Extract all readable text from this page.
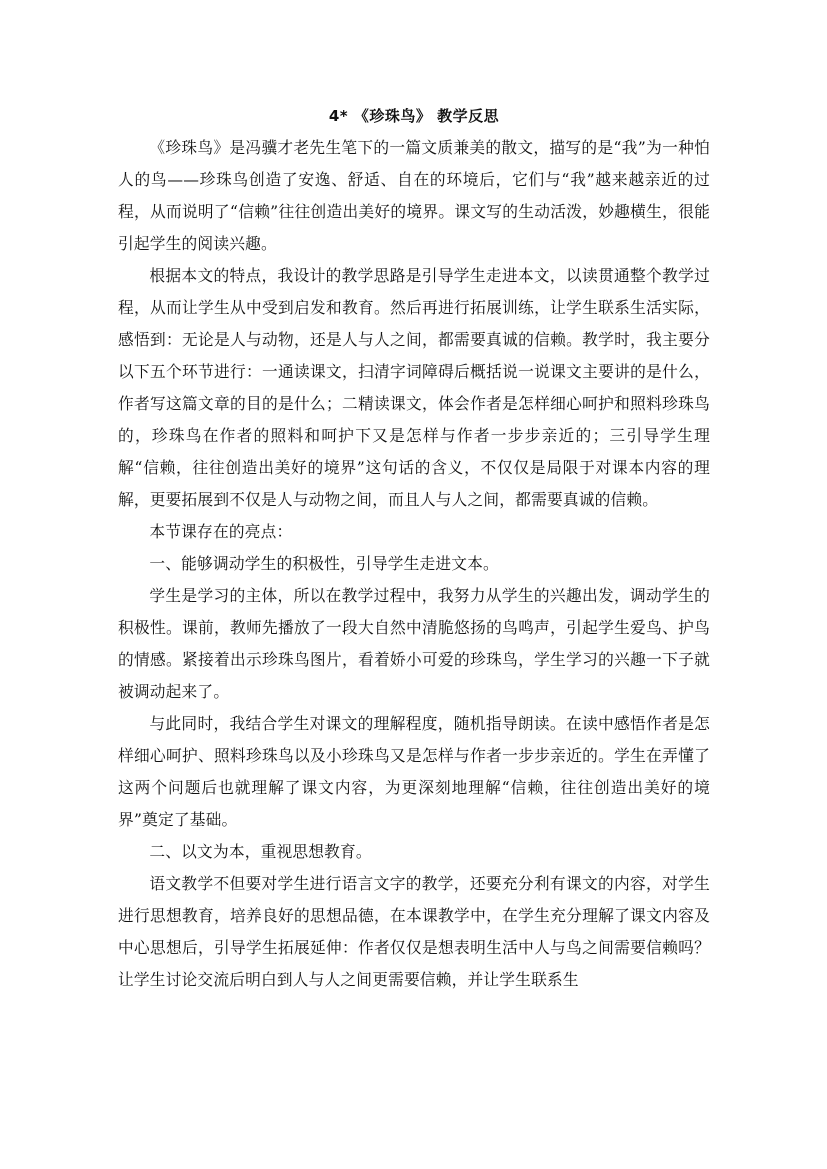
4* 《珍珠鸟》 教学反思

《珍珠鸟》是冯骥才老先生笔下的一篇文质兼美的散文，描写的是“我”为一种怕人的鸟——珍珠鸟创造了安逸、舒适、自在的环境后，它们与“我”越来越亲近的过程，从而说明了“信赖”往往创造出美好的境界。课文写的生动活泼，妙趣横生，很能引起学生的阅读兴趣。

根据本文的特点，我设计的教学思路是引导学生走进本文，以读贯通整个教学过程，从而让学生从中受到启发和教育。然后再进行拓展训练，让学生联系生活实际，感悟到：无论是人与动物，还是人与人之间，都需要真诚的信赖。教学时，我主要分以下五个环节进行：一通读课文，扫清字词障碍后概括说一说课文主要讲的是什么，作者写这篇文章的目的是什么；二精读课文，体会作者是怎样细心呵护和照料珍珠鸟的，珍珠鸟在作者的照料和呵护下又是怎样与作者一步步亲近的；三引导学生理解“信赖，往往创造出美好的境界”这句话的含义，不仅仅是局限于对课本内容的理解，更要拓展到不仅是人与动物之间，而且人与人之间，都需要真诚的信赖。

本节课存在的亮点：

一、能够调动学生的积极性，引导学生走进文本。

学生是学习的主体，所以在教学过程中，我努力从学生的兴趣出发，调动学生的积极性。课前，教师先播放了一段大自然中清脆悠扬的鸟鸣声，引起学生爱鸟、护鸟的情感。紧接着出示珍珠鸟图片，看着娇小可爱的珍珠鸟，学生学习的兴趣一下子就被调动起来了。

与此同时，我结合学生对课文的理解程度，随机指导朗读。在读中感悟作者是怎样细心呵护、照料珍珠鸟以及小珍珠鸟又是怎样与作者一步步亲近的。学生在弄懂了这两个问题后也就理解了课文内容，为更深刻地理解“信赖，往往创造出美好的境界”奠定了基础。

二、以文为本，重视思想教育。

语文教学不但要对学生进行语言文字的教学，还要充分利有课文的内容，对学生进行思想教育，培养良好的思想品德，在本课教学中，在学生充分理解了课文内容及中心思想后，引导学生拓展延伸：作者仅仅是想表明生活中人与鸟之间需要信赖吗？让学生讨论交流后明白到人与人之间更需要信赖，并让学生联系生
